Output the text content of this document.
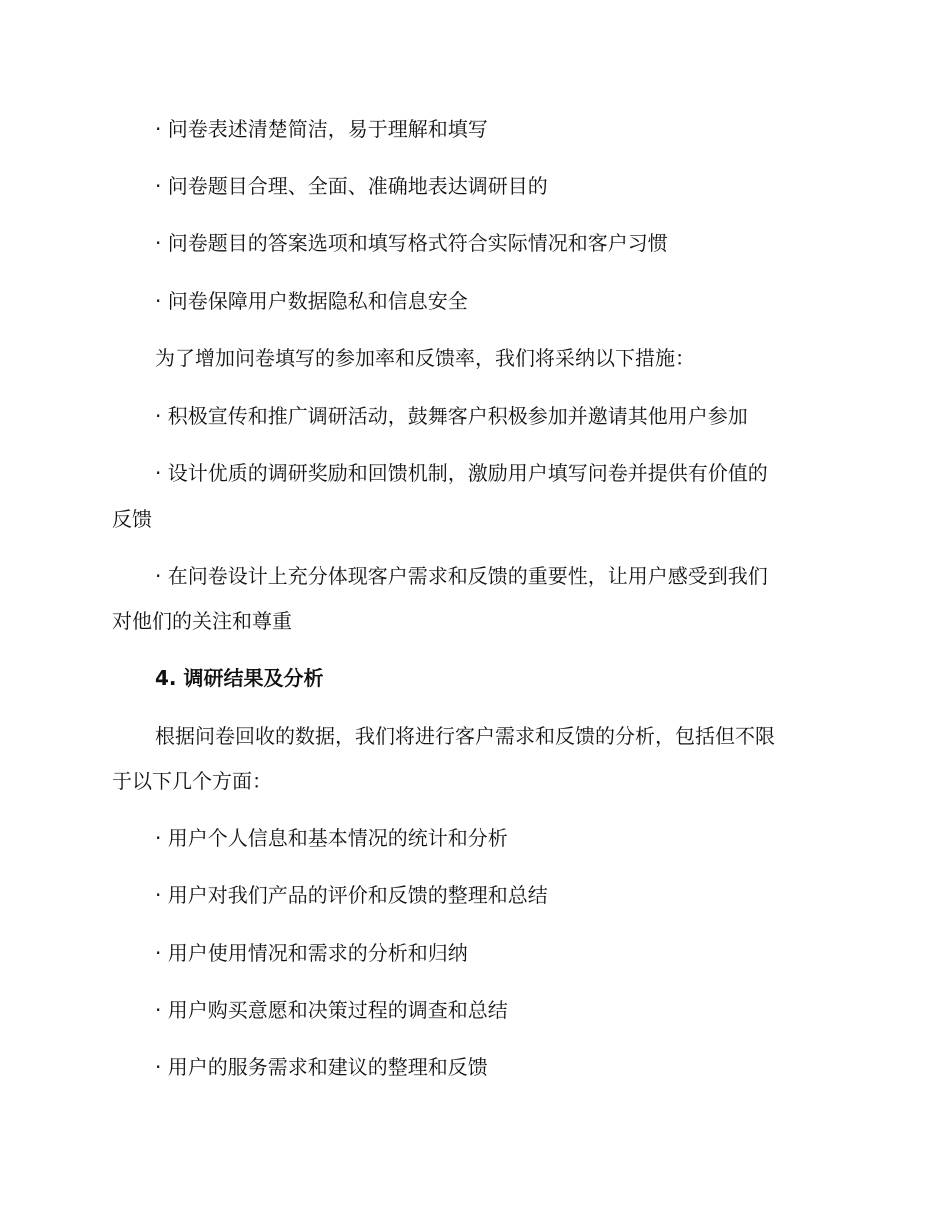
· 问卷表述清楚简洁，易于理解和填写
· 问卷题目合理、全面、准确地表达调研目的
· 问卷题目的答案选项和填写格式符合实际情况和客户习惯
· 问卷保障用户数据隐私和信息安全
为了增加问卷填写的参加率和反馈率，我们将采纳以下措施：
· 积极宣传和推广调研活动，鼓舞客户积极参加并邀请其他用户参加
· 设计优质的调研奖励和回馈机制，激励用户填写问卷并提供有价值的
反馈
· 在问卷设计上充分体现客户需求和反馈的重要性，让用户感受到我们
对他们的关注和尊重
4. 调研结果及分析
根据问卷回收的数据，我们将进行客户需求和反馈的分析，包括但不限
于以下几个方面：
· 用户个人信息和基本情况的统计和分析
· 用户对我们产品的评价和反馈的整理和总结
· 用户使用情况和需求的分析和归纳
· 用户购买意愿和决策过程的调查和总结
· 用户的服务需求和建议的整理和反馈
